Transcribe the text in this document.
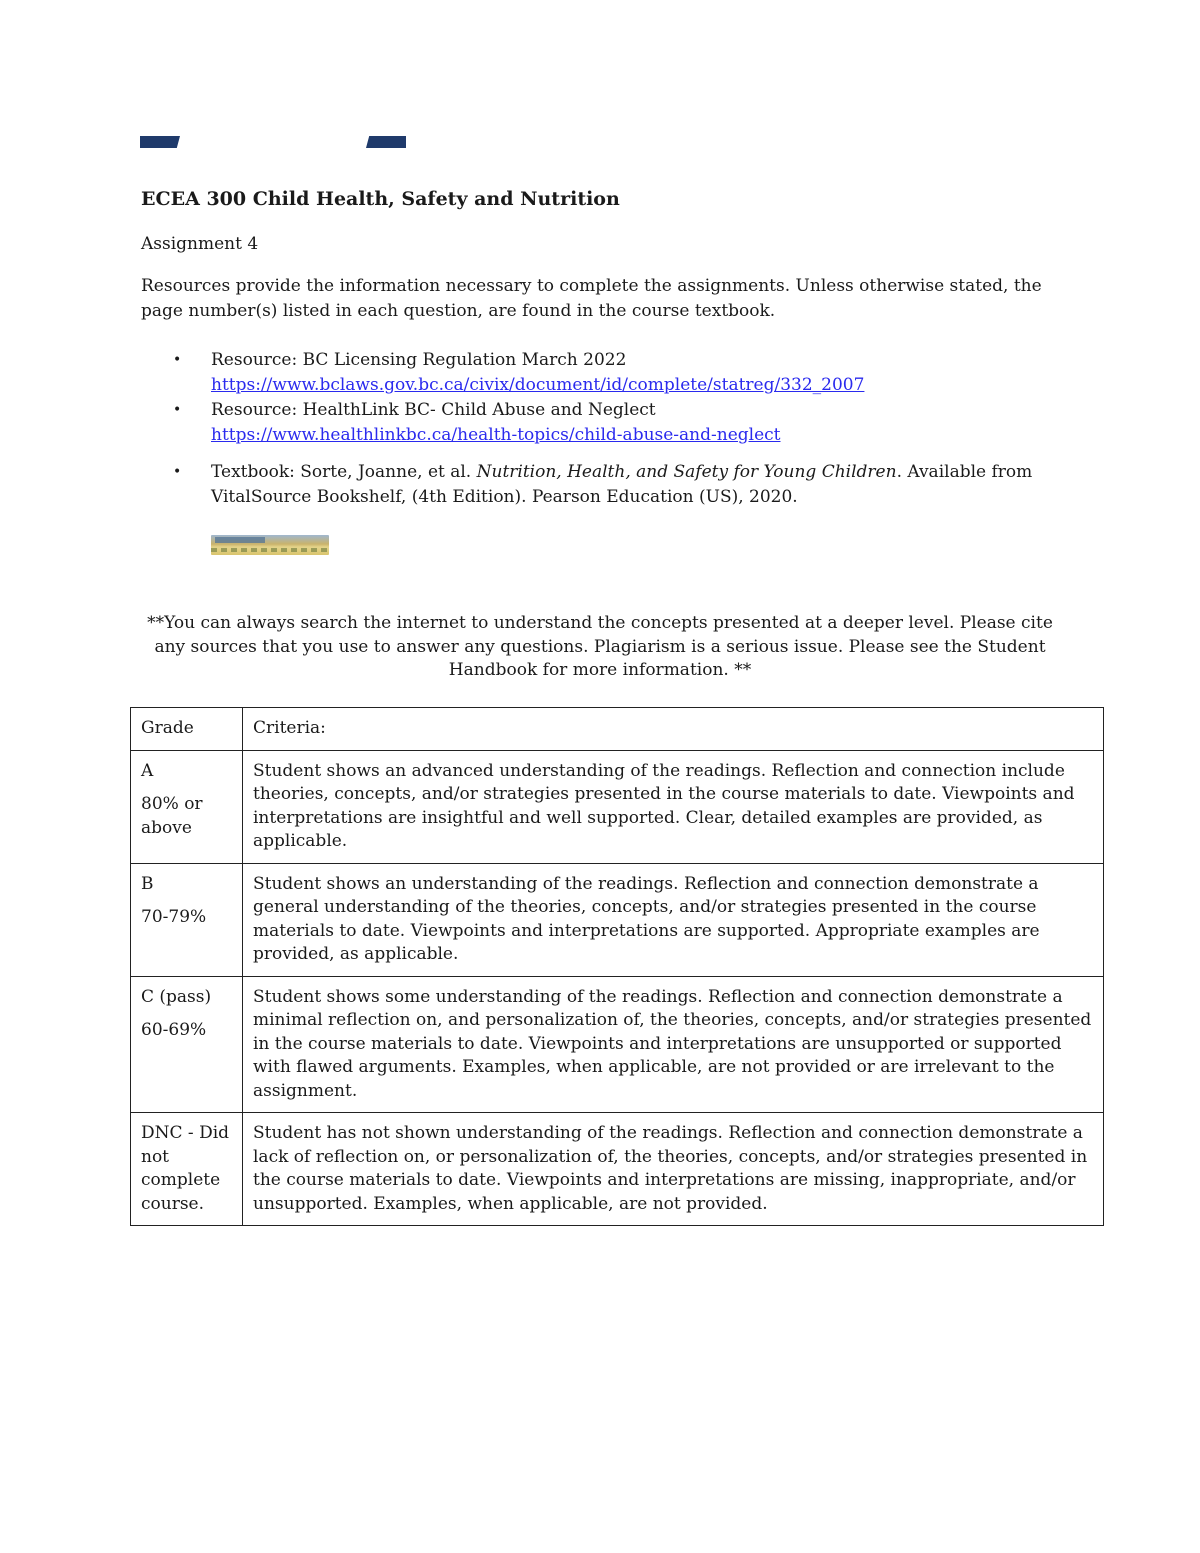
ECEA 300 Child Health, Safety and Nutrition

Assignment 4

Resources provide the information necessary to complete the assignments. Unless otherwise stated, the page number(s) listed in each question, are found in the course textbook.

• Resource: BC Licensing Regulation March 2022
https://www.bclaws.gov.bc.ca/civix/document/id/complete/statreg/332_2007
• Resource: HealthLink BC- Child Abuse and Neglect
https://www.healthlinkbc.ca/health-topics/child-abuse-and-neglect
• Textbook: Sorte, Joanne, et al. Nutrition, Health, and Safety for Young Children. Available from VitalSource Bookshelf, (4th Edition). Pearson Education (US), 2020.

**You can always search the internet to understand the concepts presented at a deeper level. Please cite any sources that you use to answer any questions. Plagiarism is a serious issue. Please see the Student Handbook for more information. **

Grade	Criteria:

A
80% or above	Student shows an advanced understanding of the readings. Reflection and connection include theories, concepts, and/or strategies presented in the course materials to date. Viewpoints and interpretations are insightful and well supported. Clear, detailed examples are provided, as applicable.

B
70-79%	Student shows an understanding of the readings. Reflection and connection demonstrate a general understanding of the theories, concepts, and/or strategies presented in the course materials to date. Viewpoints and interpretations are supported. Appropriate examples are provided, as applicable.

C (pass)
60-69%	Student shows some understanding of the readings. Reflection and connection demonstrate a minimal reflection on, and personalization of, the theories, concepts, and/or strategies presented in the course materials to date. Viewpoints and interpretations are unsupported or supported with flawed arguments. Examples, when applicable, are not provided or are irrelevant to the assignment.

DNC - Did not complete course.	Student has not shown understanding of the readings. Reflection and connection demonstrate a lack of reflection on, or personalization of, the theories, concepts, and/or strategies presented in the course materials to date. Viewpoints and interpretations are missing, inappropriate, and/or unsupported. Examples, when applicable, are not provided.
